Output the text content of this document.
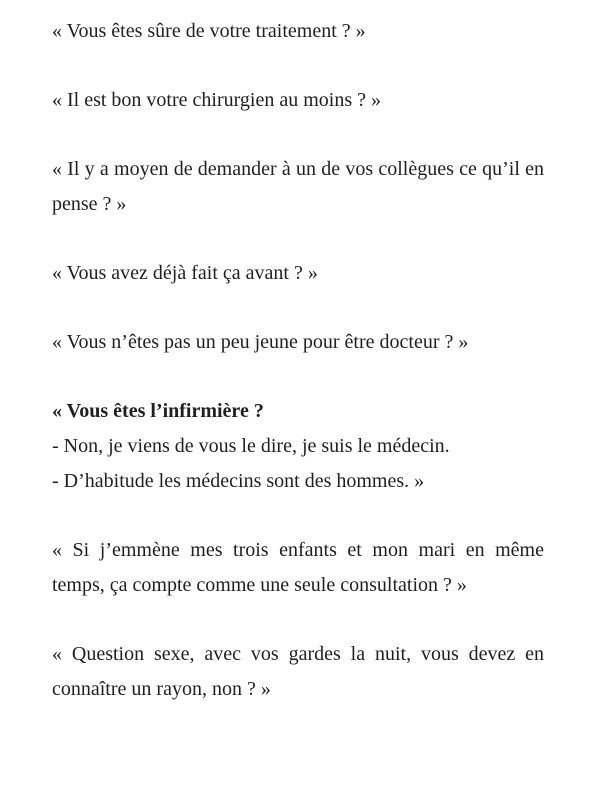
« Vous êtes sûre de votre traitement ? »

« Il est bon votre chirurgien au moins ? »

« Il y a moyen de demander à un de vos collègues ce qu’il en pense ? »

« Vous avez déjà fait ça avant ? »

« Vous n’êtes pas un peu jeune pour être docteur ? »

« Vous êtes l’infirmière ?
- Non, je viens de vous le dire, je suis le médecin.
- D’habitude les médecins sont des hommes. »

« Si j’emmène mes trois enfants et mon mari en même temps, ça compte comme une seule consultation ? »

« Question sexe, avec vos gardes la nuit, vous devez en connaître un rayon, non ? »
